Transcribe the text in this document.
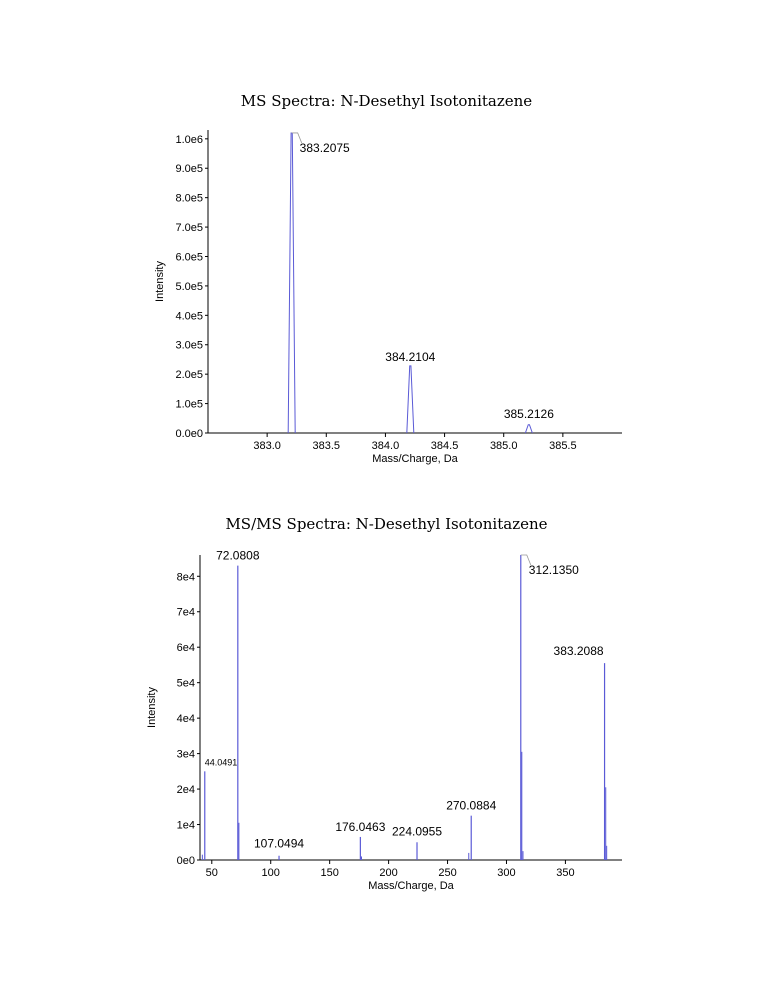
MS Spectra: N-Desethyl Isotonitazene
0.0e0
1.0e5
2.0e5
3.0e5
4.0e5
5.0e5
6.0e5
7.0e5
8.0e5
9.0e5
1.0e6
383.0	383.5	384.0	384.5	385.0	385.5
Mass/Charge, Da
Intensity
383.2075
384.2104
385.2126
MS/MS Spectra: N-Desethyl Isotonitazene
0e0
1e4
2e4
3e4
4e4
5e4
6e4
7e4
8e4
50	100	150	200	250	300	350
Mass/Charge, Da
Intensity
44.0491
72.0808
107.0494
176.0463 224.0955
270.0884
312.1350
383.2088
